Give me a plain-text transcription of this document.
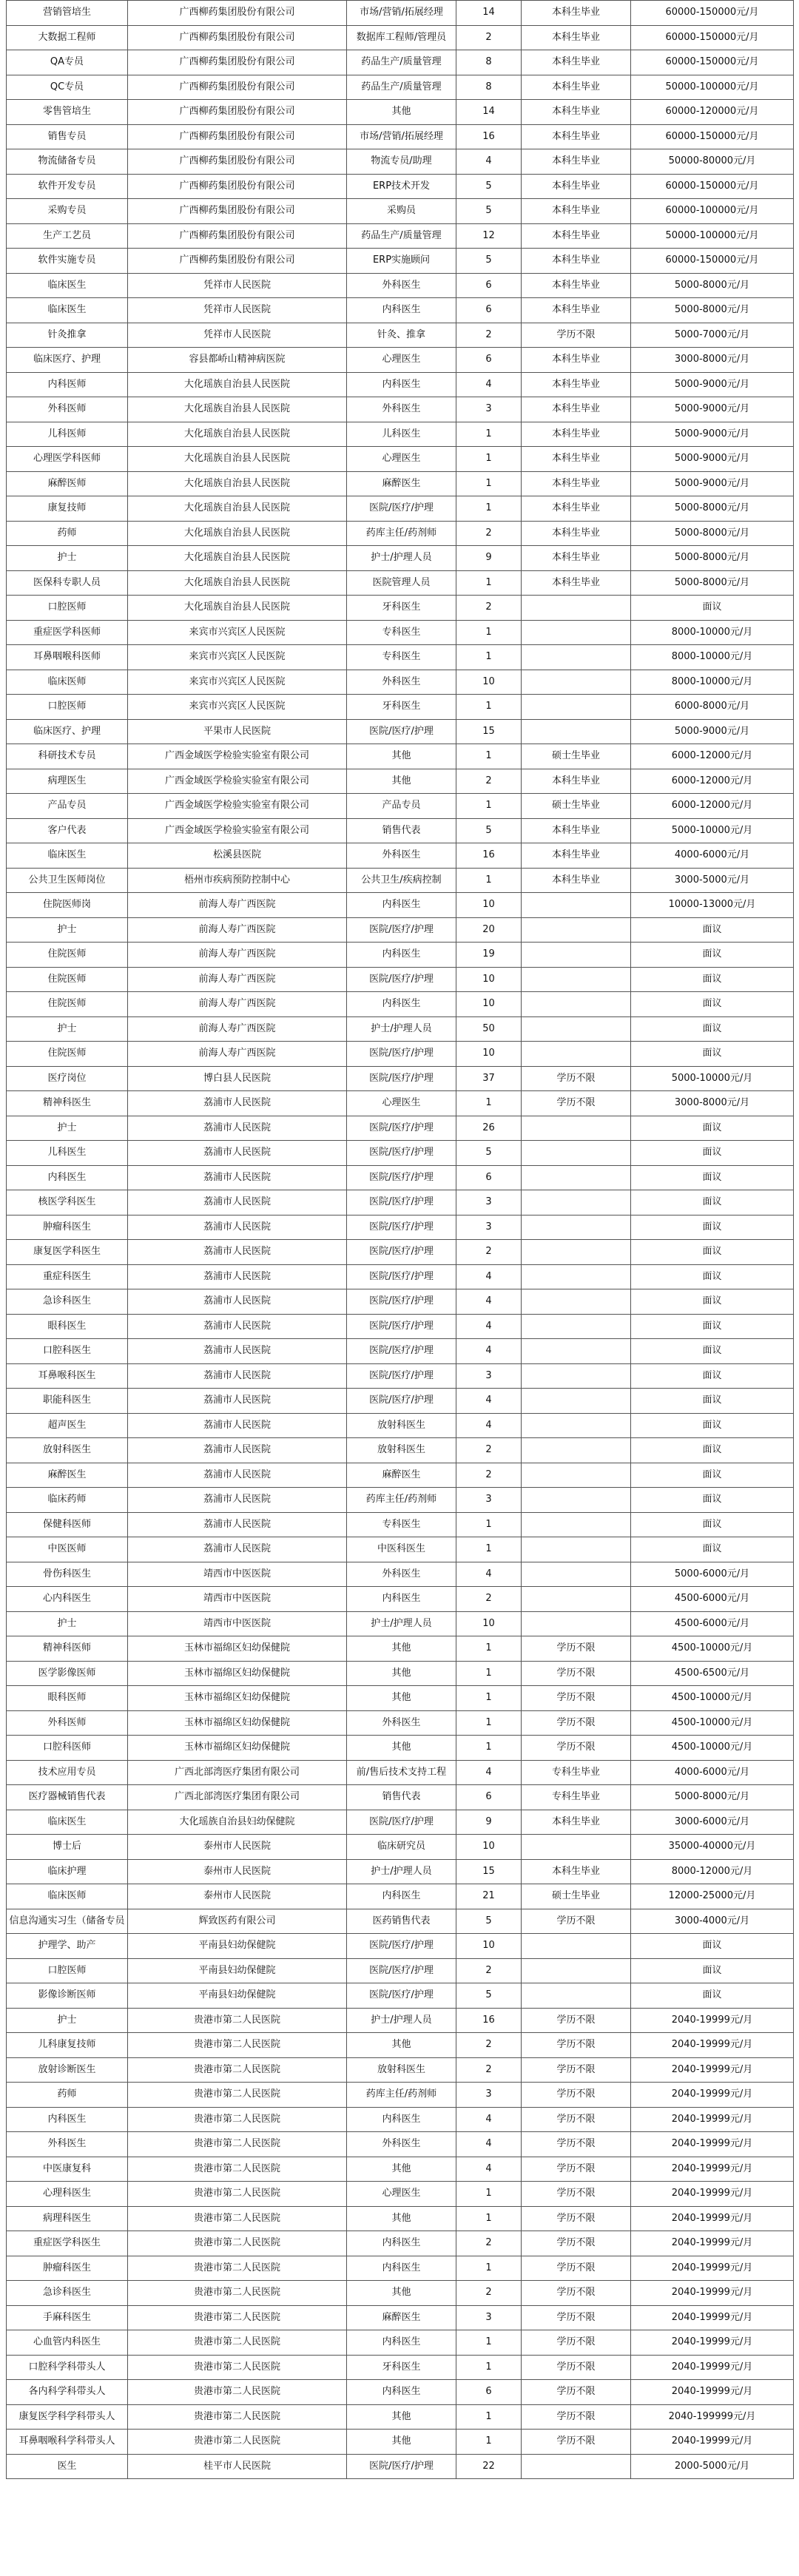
营销管培生	广西柳药集团股份有限公司	市场/营销/拓展经理	14	本科生毕业	60000-150000元/月
大数据工程师	广西柳药集团股份有限公司	数据库工程师/管理员	2	本科生毕业	60000-150000元/月
QA专员	广西柳药集团股份有限公司	药品生产/质量管理	8	本科生毕业	60000-150000元/月
QC专员	广西柳药集团股份有限公司	药品生产/质量管理	8	本科生毕业	50000-100000元/月
零售管培生	广西柳药集团股份有限公司	其他	14	本科生毕业	60000-120000元/月
销售专员	广西柳药集团股份有限公司	市场/营销/拓展经理	16	本科生毕业	60000-150000元/月
物流储备专员	广西柳药集团股份有限公司	物流专员/助理	4	本科生毕业	50000-80000元/月
软件开发专员	广西柳药集团股份有限公司	ERP技术开发	5	本科生毕业	60000-150000元/月
采购专员	广西柳药集团股份有限公司	采购员	5	本科生毕业	60000-100000元/月
生产工艺员	广西柳药集团股份有限公司	药品生产/质量管理	12	本科生毕业	50000-100000元/月
软件实施专员	广西柳药集团股份有限公司	ERP实施顾问	5	本科生毕业	60000-150000元/月
临床医生	凭祥市人民医院	外科医生	6	本科生毕业	5000-8000元/月
临床医生	凭祥市人民医院	内科医生	6	本科生毕业	5000-8000元/月
针灸推拿	凭祥市人民医院	针灸、推拿	2	学历不限	5000-7000元/月
临床医疗、护理	容县都峤山精神病医院	心理医生	6	本科生毕业	3000-8000元/月
内科医师	大化瑶族自治县人民医院	内科医生	4	本科生毕业	5000-9000元/月
外科医师	大化瑶族自治县人民医院	外科医生	3	本科生毕业	5000-9000元/月
儿科医师	大化瑶族自治县人民医院	儿科医生	1	本科生毕业	5000-9000元/月
心理医学科医师	大化瑶族自治县人民医院	心理医生	1	本科生毕业	5000-9000元/月
麻醉医师	大化瑶族自治县人民医院	麻醉医生	1	本科生毕业	5000-9000元/月
康复技师	大化瑶族自治县人民医院	医院/医疗/护理	1	本科生毕业	5000-8000元/月
药师	大化瑶族自治县人民医院	药库主任/药剂师	2	本科生毕业	5000-8000元/月
护士	大化瑶族自治县人民医院	护士/护理人员	9	本科生毕业	5000-8000元/月
医保科专职人员	大化瑶族自治县人民医院	医院管理人员	1	本科生毕业	5000-8000元/月
口腔医师	大化瑶族自治县人民医院	牙科医生	2		面议
重症医学科医师	来宾市兴宾区人民医院	专科医生	1		8000-10000元/月
耳鼻咽喉科医师	来宾市兴宾区人民医院	专科医生	1		8000-10000元/月
临床医师	来宾市兴宾区人民医院	外科医生	10		8000-10000元/月
口腔医师	来宾市兴宾区人民医院	牙科医生	1		6000-8000元/月
临床医疗、护理	平果市人民医院	医院/医疗/护理	15		5000-9000元/月
科研技术专员	广西金域医学检验实验室有限公司	其他	1	硕士生毕业	6000-12000元/月
病理医生	广西金域医学检验实验室有限公司	其他	2	本科生毕业	6000-12000元/月
产品专员	广西金域医学检验实验室有限公司	产品专员	1	硕士生毕业	6000-12000元/月
客户代表	广西金域医学检验实验室有限公司	销售代表	5	本科生毕业	5000-10000元/月
临床医生	松溪县医院	外科医生	16	本科生毕业	4000-6000元/月
公共卫生医师岗位	梧州市疾病预防控制中心	公共卫生/疾病控制	1	本科生毕业	3000-5000元/月
住院医师岗	前海人寿广西医院	内科医生	10		10000-13000元/月
护士	前海人寿广西医院	医院/医疗/护理	20		面议
住院医师	前海人寿广西医院	内科医生	19		面议
住院医师	前海人寿广西医院	医院/医疗/护理	10		面议
住院医师	前海人寿广西医院	内科医生	10		面议
护士	前海人寿广西医院	护士/护理人员	50		面议
住院医师	前海人寿广西医院	医院/医疗/护理	10		面议
医疗岗位	博白县人民医院	医院/医疗/护理	37	学历不限	5000-10000元/月
精神科医生	荔浦市人民医院	心理医生	1	学历不限	3000-8000元/月
护士	荔浦市人民医院	医院/医疗/护理	26		面议
儿科医生	荔浦市人民医院	医院/医疗/护理	5		面议
内科医生	荔浦市人民医院	医院/医疗/护理	6		面议
核医学科医生	荔浦市人民医院	医院/医疗/护理	3		面议
肿瘤科医生	荔浦市人民医院	医院/医疗/护理	3		面议
康复医学科医生	荔浦市人民医院	医院/医疗/护理	2		面议
重症科医生	荔浦市人民医院	医院/医疗/护理	4		面议
急诊科医生	荔浦市人民医院	医院/医疗/护理	4		面议
眼科医生	荔浦市人民医院	医院/医疗/护理	4		面议
口腔科医生	荔浦市人民医院	医院/医疗/护理	4		面议
耳鼻喉科医生	荔浦市人民医院	医院/医疗/护理	3		面议
职能科医生	荔浦市人民医院	医院/医疗/护理	4		面议
超声医生	荔浦市人民医院	放射科医生	4		面议
放射科医生	荔浦市人民医院	放射科医生	2		面议
麻醉医生	荔浦市人民医院	麻醉医生	2		面议
临床药师	荔浦市人民医院	药库主任/药剂师	3		面议
保健科医师	荔浦市人民医院	专科医生	1		面议
中医医师	荔浦市人民医院	中医科医生	1		面议
骨伤科医生	靖西市中医医院	外科医生	4		5000-6000元/月
心内科医生	靖西市中医医院	内科医生	2		4500-6000元/月
护士	靖西市中医医院	护士/护理人员	10		4500-6000元/月
精神科医师	玉林市福绵区妇幼保健院	其他	1	学历不限	4500-10000元/月
医学影像医师	玉林市福绵区妇幼保健院	其他	1	学历不限	4500-6500元/月
眼科医师	玉林市福绵区妇幼保健院	其他	1	学历不限	4500-10000元/月
外科医师	玉林市福绵区妇幼保健院	外科医生	1	学历不限	4500-10000元/月
口腔科医师	玉林市福绵区妇幼保健院	其他	1	学历不限	4500-10000元/月
技术应用专员	广西北部湾医疗集团有限公司	前/售后技术支持工程	4	专科生毕业	4000-6000元/月
医疗器械销售代表	广西北部湾医疗集团有限公司	销售代表	6	专科生毕业	5000-8000元/月
临床医生	大化瑶族自治县妇幼保健院	医院/医疗/护理	9	本科生毕业	3000-6000元/月
博士后	泰州市人民医院	临床研究员	10		35000-40000元/月
临床护理	泰州市人民医院	护士/护理人员	15	本科生毕业	8000-12000元/月
临床医师	泰州市人民医院	内科医生	21	硕士生毕业	12000-25000元/月
信息沟通实习生（储备专员	辉致医药有限公司	医药销售代表	5	学历不限	3000-4000元/月
护理学、助产	平南县妇幼保健院	医院/医疗/护理	10		面议
口腔医师	平南县妇幼保健院	医院/医疗/护理	2		面议
影像诊断医师	平南县妇幼保健院	医院/医疗/护理	5		面议
护士	贵港市第二人民医院	护士/护理人员	16	学历不限	2040-19999元/月
儿科康复技师	贵港市第二人民医院	其他	2	学历不限	2040-19999元/月
放射诊断医生	贵港市第二人民医院	放射科医生	2	学历不限	2040-19999元/月
药师	贵港市第二人民医院	药库主任/药剂师	3	学历不限	2040-19999元/月
内科医生	贵港市第二人民医院	内科医生	4	学历不限	2040-19999元/月
外科医生	贵港市第二人民医院	外科医生	4	学历不限	2040-19999元/月
中医康复科	贵港市第二人民医院	其他	4	学历不限	2040-19999元/月
心理科医生	贵港市第二人民医院	心理医生	1	学历不限	2040-19999元/月
病理科医生	贵港市第二人民医院	其他	1	学历不限	2040-19999元/月
重症医学科医生	贵港市第二人民医院	内科医生	2	学历不限	2040-19999元/月
肿瘤科医生	贵港市第二人民医院	内科医生	1	学历不限	2040-19999元/月
急诊科医生	贵港市第二人民医院	其他	2	学历不限	2040-19999元/月
手麻科医生	贵港市第二人民医院	麻醉医生	3	学历不限	2040-19999元/月
心血管内科医生	贵港市第二人民医院	内科医生	1	学历不限	2040-19999元/月
口腔科学科带头人	贵港市第二人民医院	牙科医生	1	学历不限	2040-19999元/月
各内科学科带头人	贵港市第二人民医院	内科医生	6	学历不限	2040-19999元/月
康复医学科学科带头人	贵港市第二人民医院	其他	1	学历不限	2040-199999元/月
耳鼻咽喉科学科带头人	贵港市第二人民医院	其他	1	学历不限	2040-19999元/月
医生	桂平市人民医院	医院/医疗/护理	22		2000-5000元/月
